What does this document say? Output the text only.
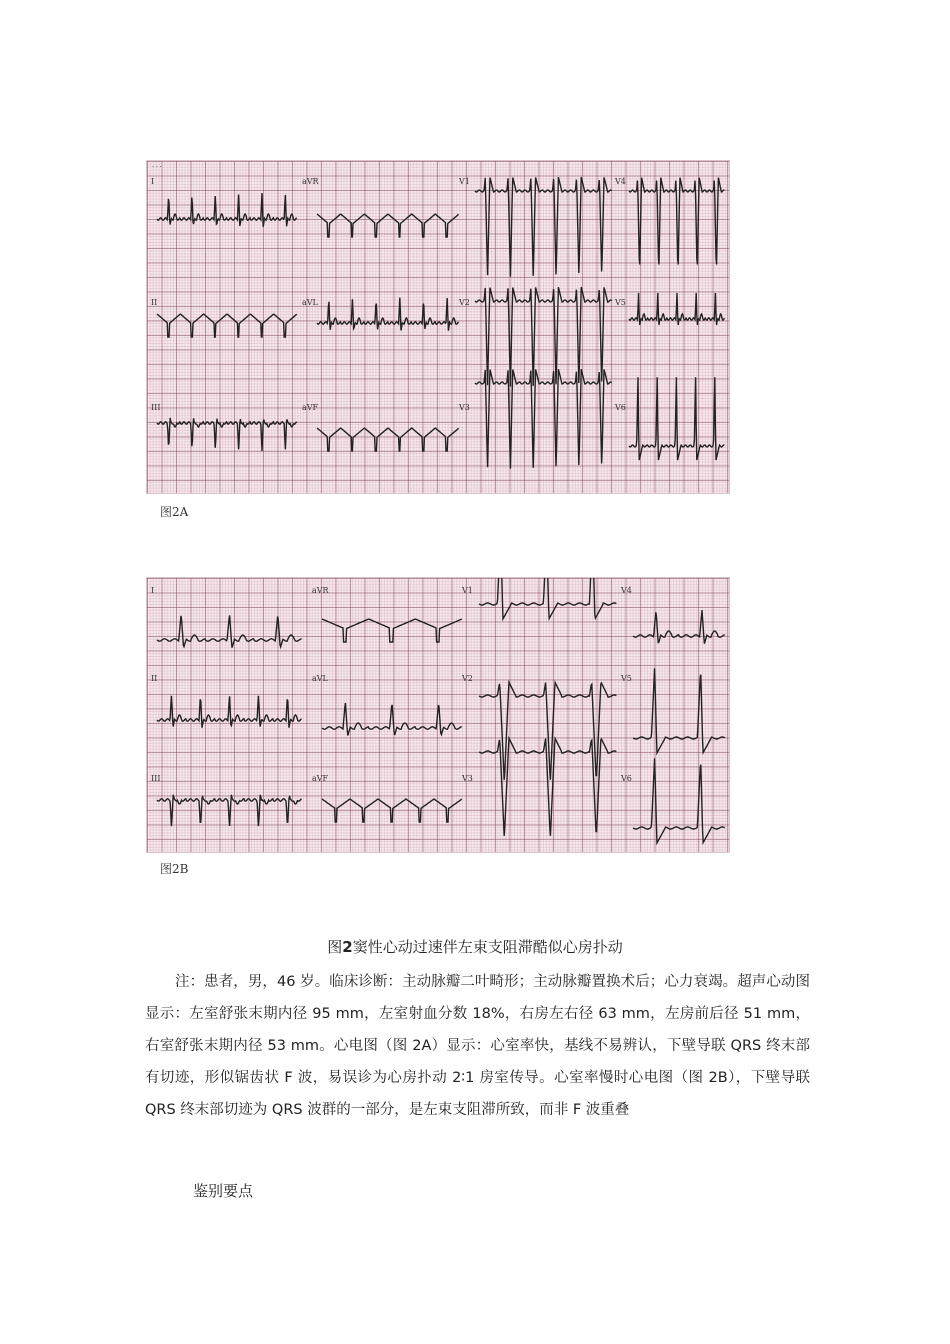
...
I	aVR	V1	V4
II	aVL	V2	V5
III	aVF	V3	V6
图2A
I	aVR	V1	V4
II	aVL	V2	V5
III	aVF	V3	V6
图2B
图2窦性心动过速伴左束支阻滞酷似心房扑动
注：患者，男，46 岁。临床诊断：主动脉瓣二叶畸形；主动脉瓣置换术后；心力衰竭。超声心动图显示：左室舒张末期内径 95 mm，左室射血分数 18%，右房左右径 63 mm，左房前后径 51 mm，右室舒张末期内径 53 mm。心电图（图 2A）显示：心室率快，基线不易辨认，下壁导联 QRS 终末部有切迹，形似锯齿状 F 波，易误诊为心房扑动 2∶1 房室传导。心室率慢时心电图（图 2B），下壁导联 QRS 终末部切迹为 QRS 波群的一部分，是左束支阻滞所致，而非 F 波重叠
鉴别要点
